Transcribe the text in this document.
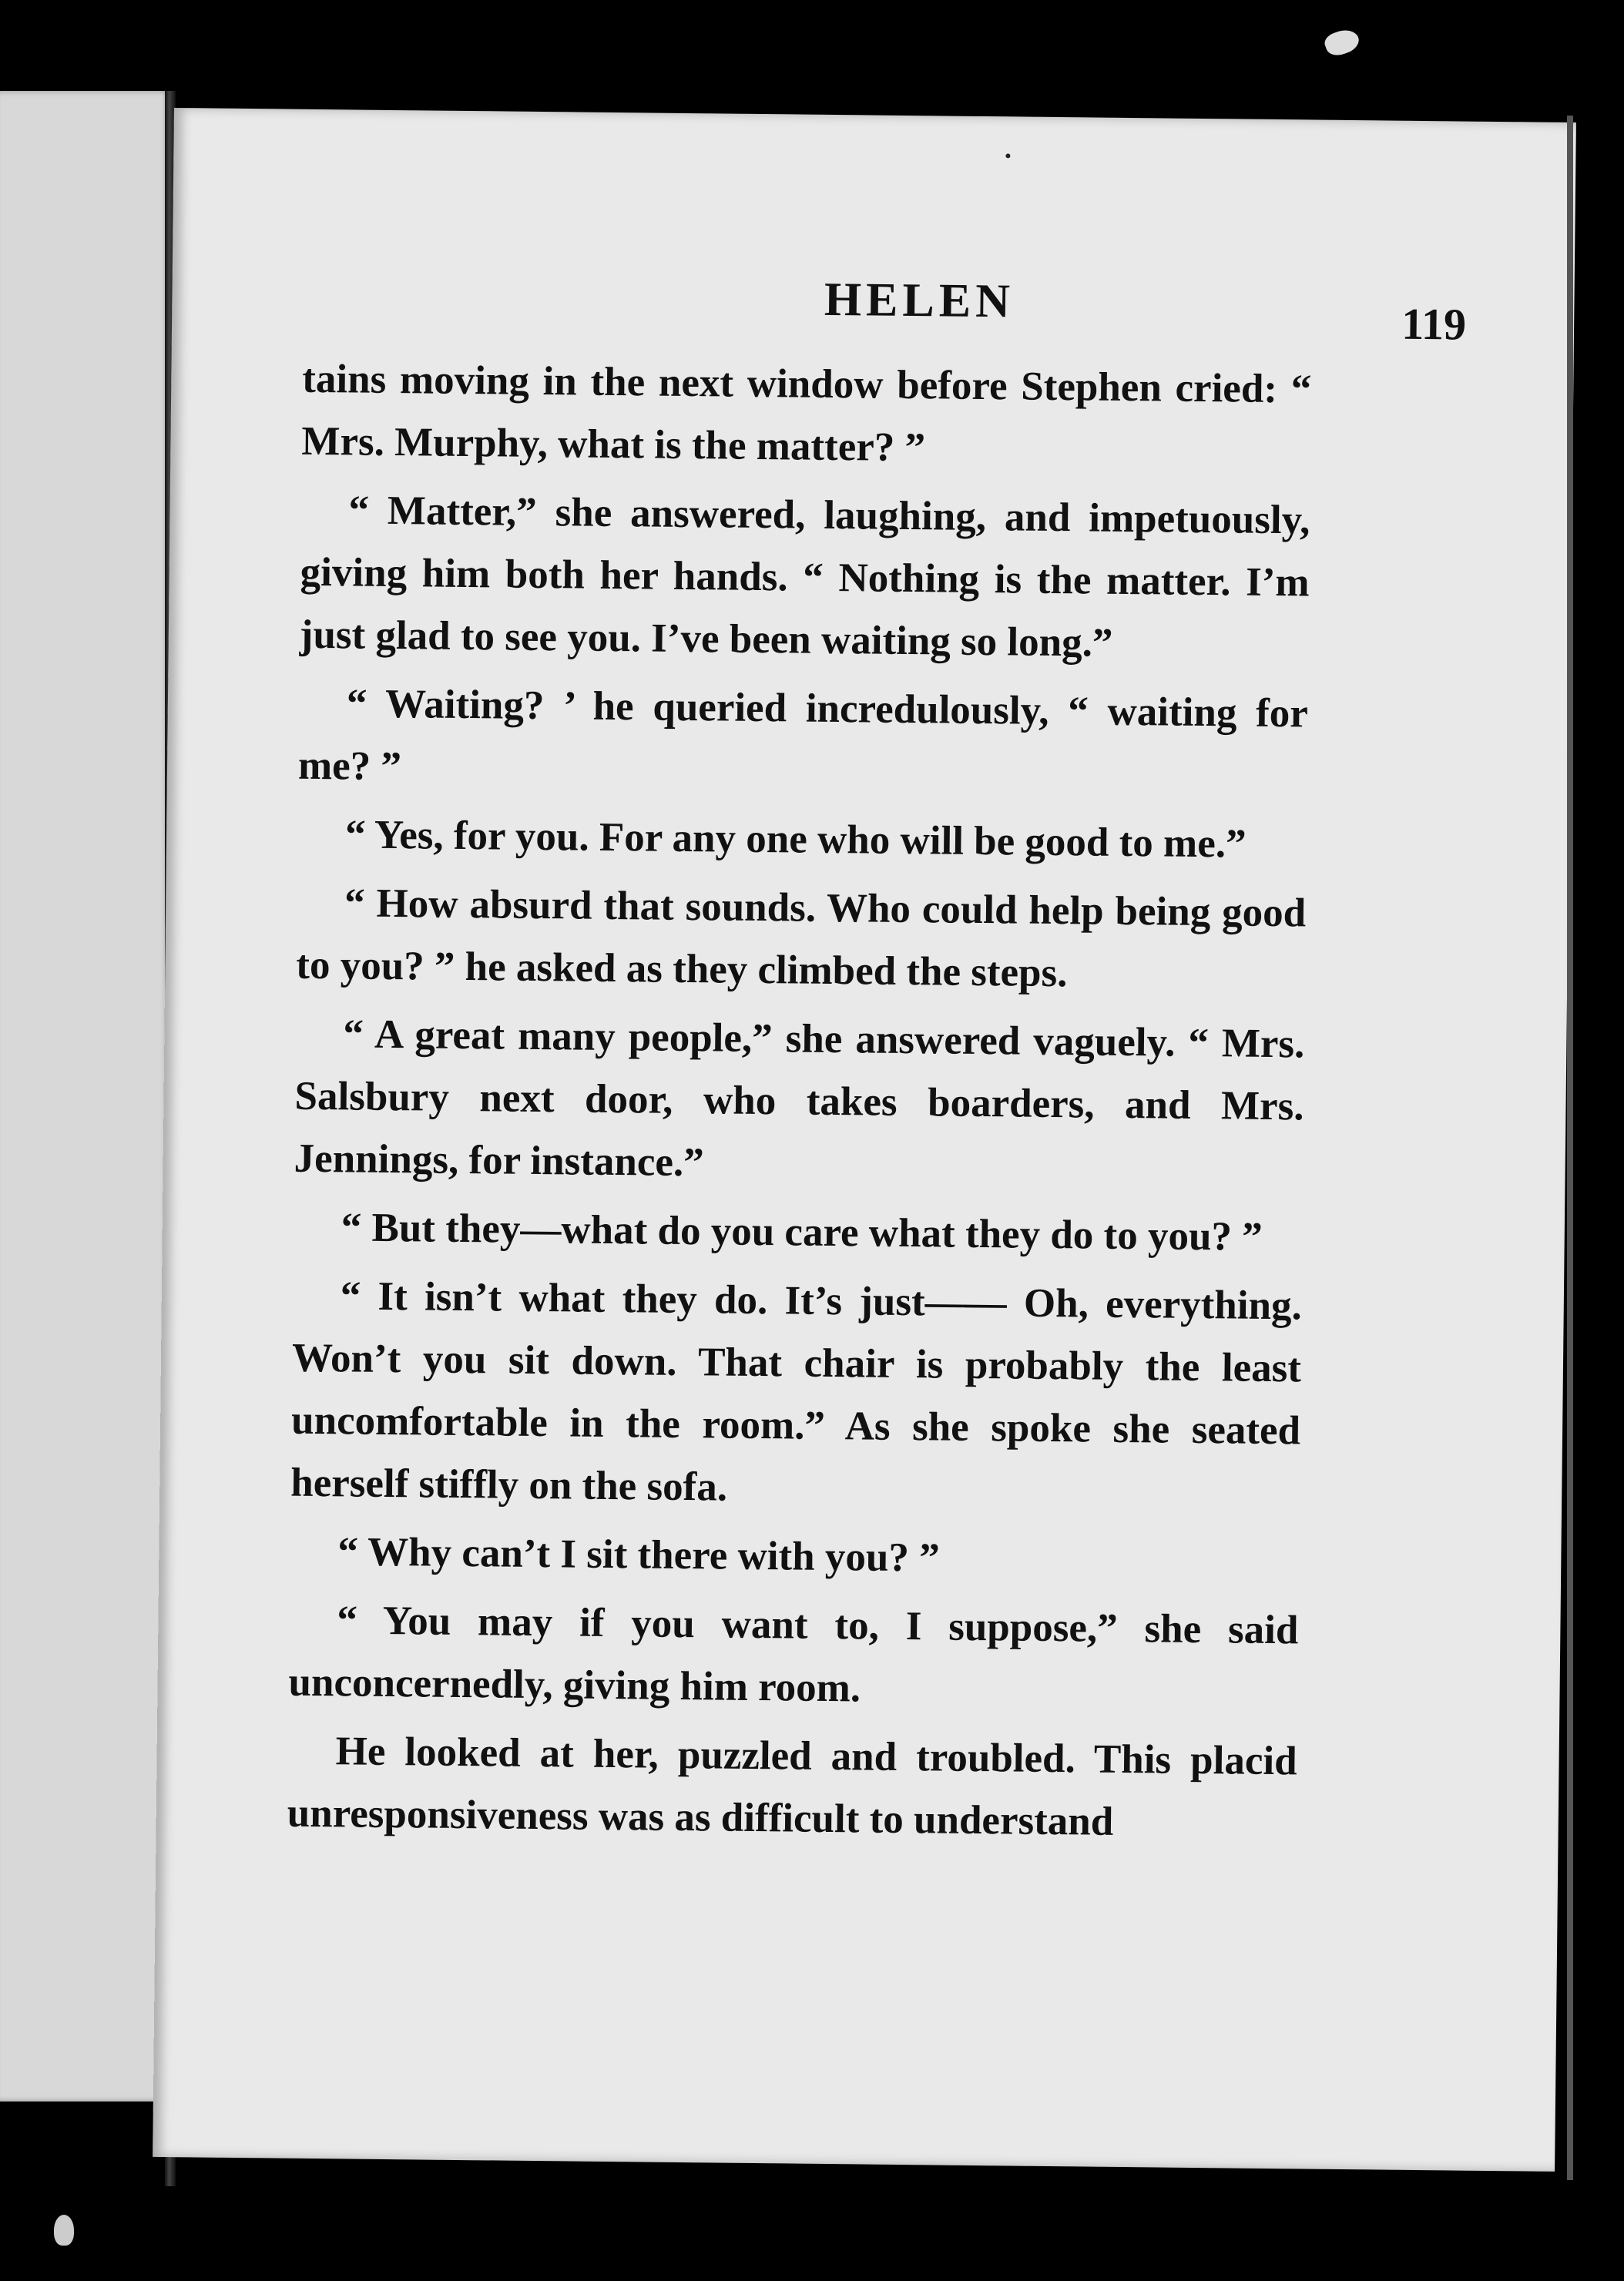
HELEN	119

tains moving in the next window before Stephen cried: “ Mrs. Murphy, what is the matter? ”

“ Matter,” she answered, laughing, and impetuously, giving him both her hands. “ Nothing is the matter. I’m just glad to see you. I’ve been waiting so long.”

“ Waiting? ’ he queried incredulously, “ waiting for me? ”

“ Yes, for you. For any one who will be good to me.”

“ How absurd that sounds. Who could help being good to you? ” he asked as they climbed the steps.

“ A great many people,” she answered vaguely. “ Mrs. Salsbury next door, who takes boarders, and Mrs. Jennings, for instance.”

“ But they—what do you care what they do to you? ”

“ It isn’t what they do. It’s just—— Oh, everything. Won’t you sit down. That chair is probably the least uncomfortable in the room.” As she spoke she seated herself stiffly on the sofa.

“ Why can’t I sit there with you? ”

“ You may if you want to, I suppose,” she said unconcernedly, giving him room.

He looked at her, puzzled and troubled. This placid unresponsiveness was as difficult to understand
